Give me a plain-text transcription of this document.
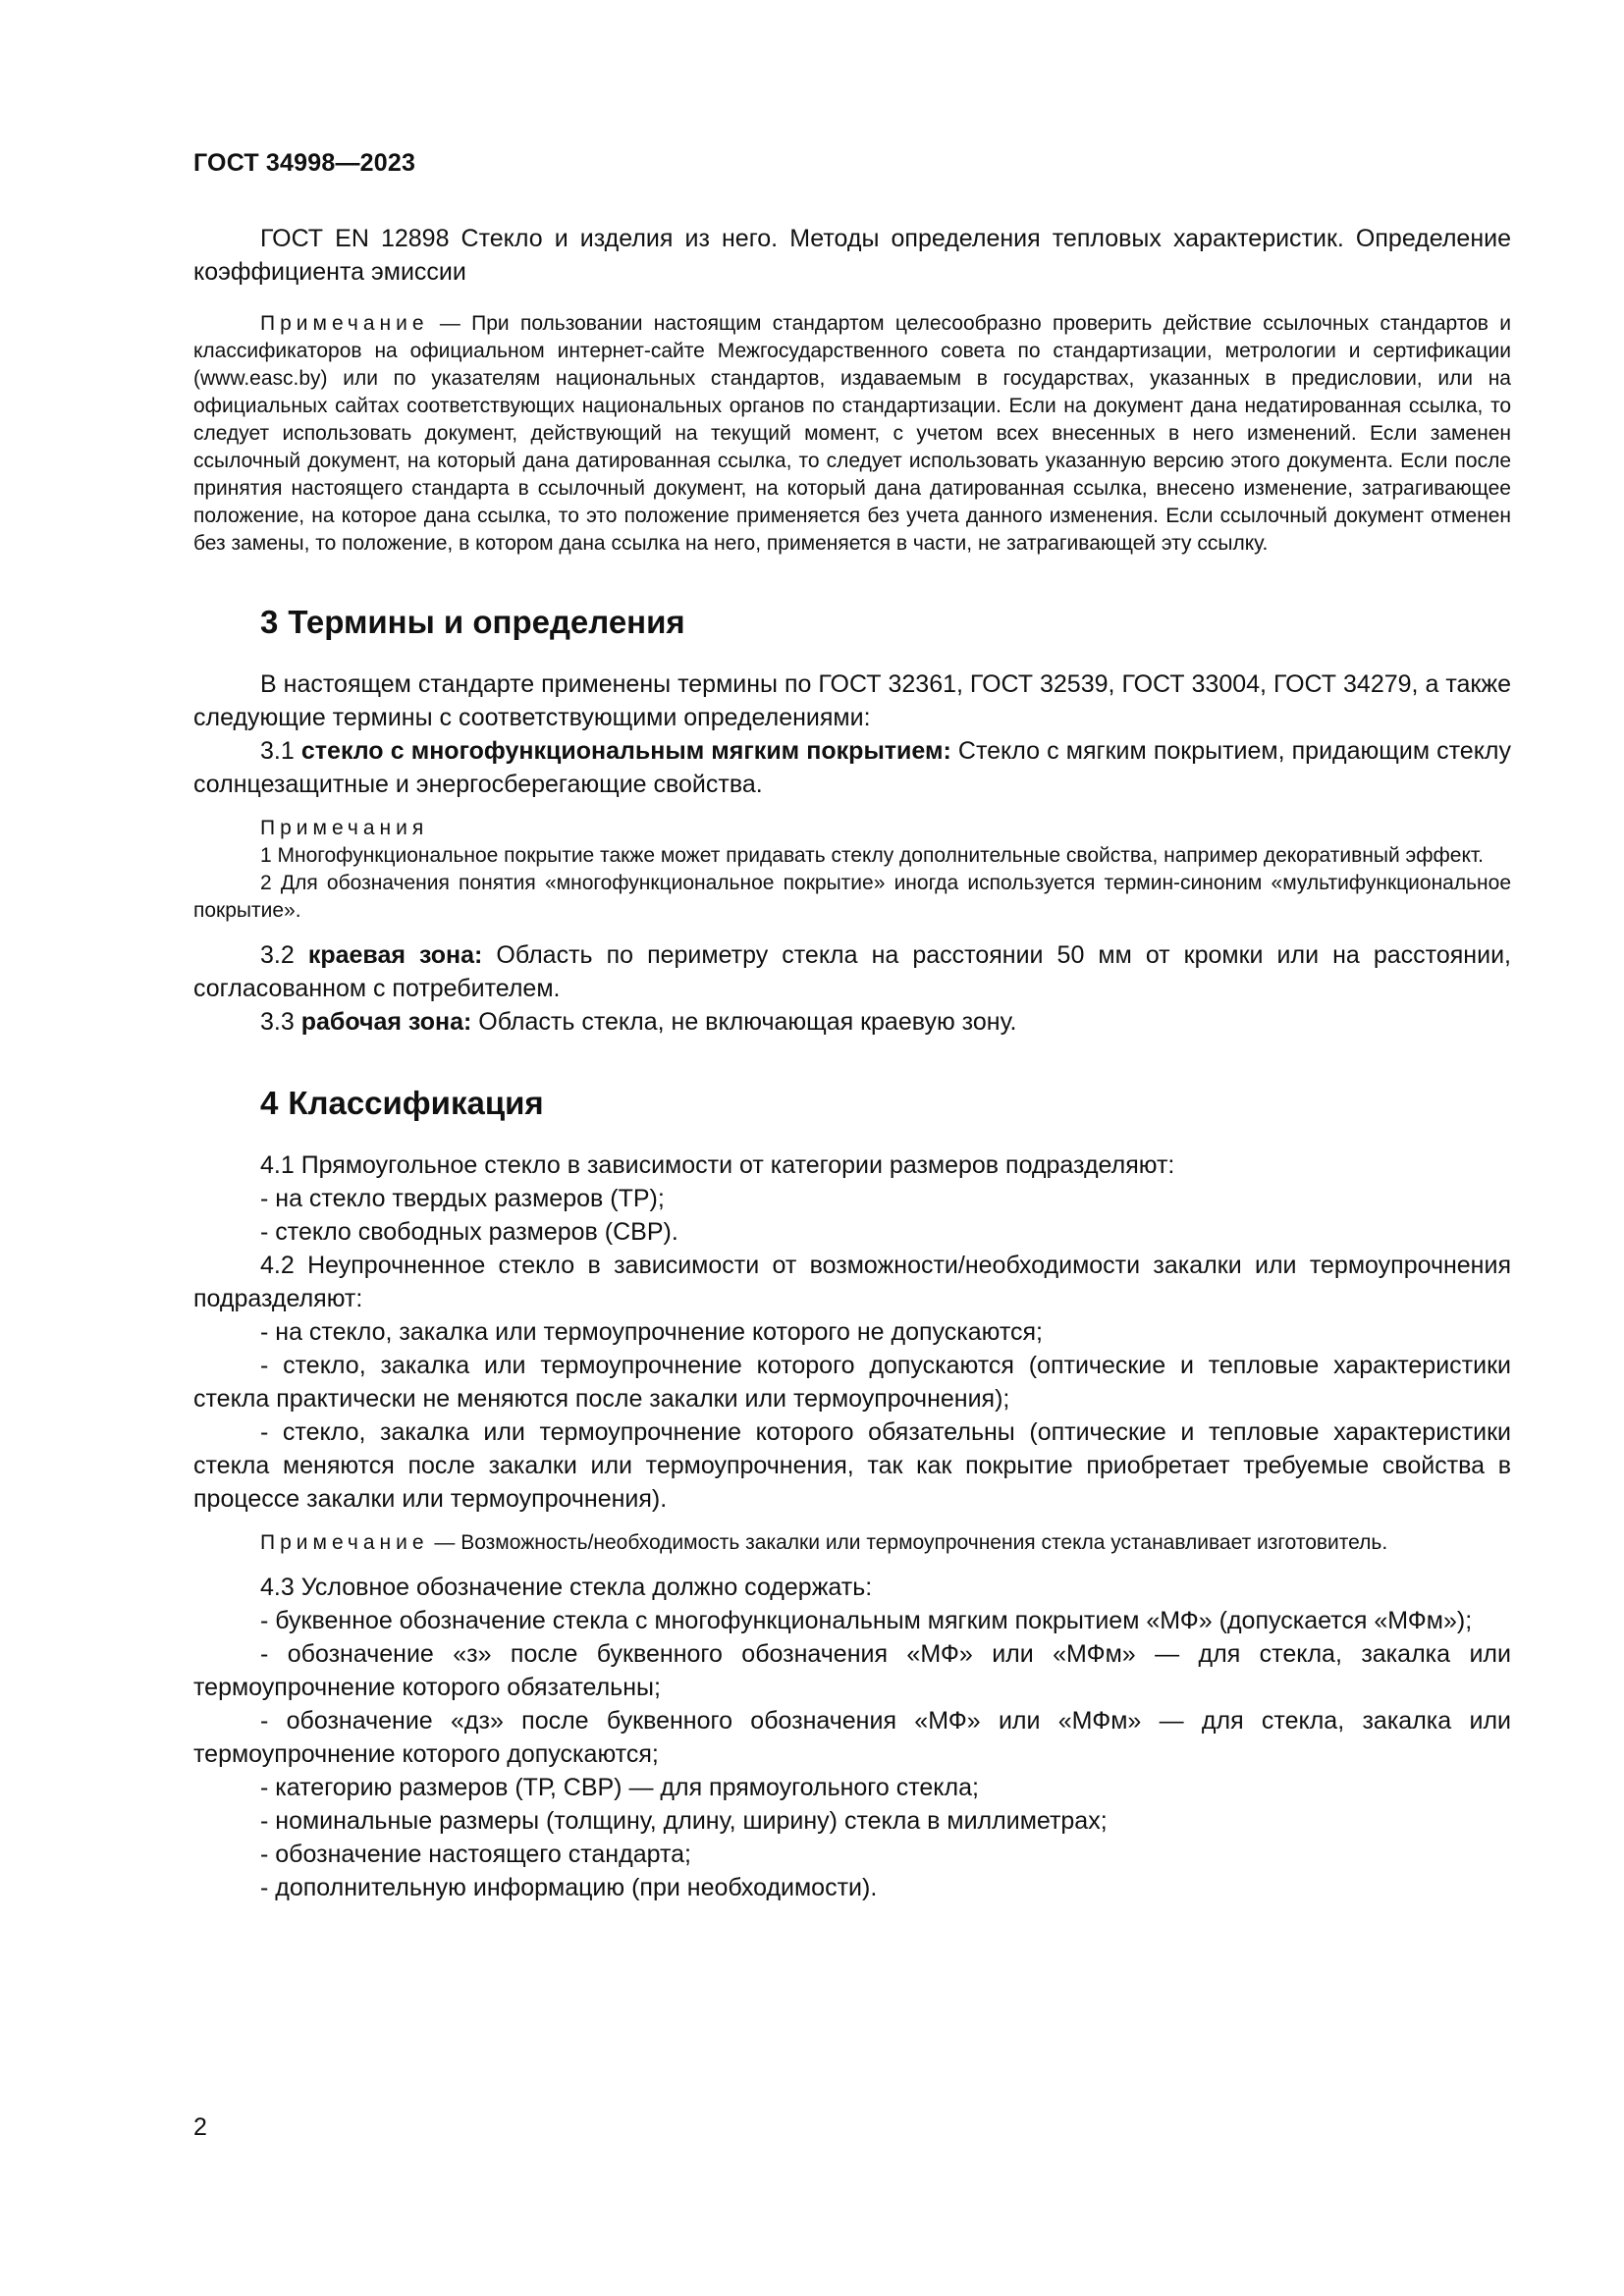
ГОСТ 34998—2023

ГОСТ EN 12898 Стекло и изделия из него. Методы определения тепловых характеристик. Определение коэффициента эмиссии

Примечание — При пользовании настоящим стандартом целесообразно проверить действие ссылочных стандартов и классификаторов на официальном интернет-сайте Межгосударственного совета по стандартизации, метрологии и сертификации (www.easc.by) или по указателям национальных стандартов, издаваемым в государствах, указанных в предисловии, или на официальных сайтах соответствующих национальных органов по стандартизации. Если на документ дана недатированная ссылка, то следует использовать документ, действующий на текущий момент, с учетом всех внесенных в него изменений. Если заменен ссылочный документ, на который дана датированная ссылка, то следует использовать указанную версию этого документа. Если после принятия настоящего стандарта в ссылочный документ, на который дана датированная ссылка, внесено изменение, затрагивающее положение, на которое дана ссылка, то это положение применяется без учета данного изменения. Если ссылочный документ отменен без замены, то положение, в котором дана ссылка на него, применяется в части, не затрагивающей эту ссылку.

3 Термины и определения

В настоящем стандарте применены термины по ГОСТ 32361, ГОСТ 32539, ГОСТ 33004, ГОСТ 34279, а также следующие термины с соответствующими определениями:

3.1 стекло с многофункциональным мягким покрытием: Стекло с мягким покрытием, придающим стеклу солнцезащитные и энергосберегающие свойства.

Примечания

1 Многофункциональное покрытие также может придавать стеклу дополнительные свойства, например декоративный эффект.

2 Для обозначения понятия «многофункциональное покрытие» иногда используется термин-синоним «мультифункциональное покрытие».

3.2 краевая зона: Область по периметру стекла на расстоянии 50 мм от кромки или на расстоянии, согласованном с потребителем.

3.3 рабочая зона: Область стекла, не включающая краевую зону.

4 Классификация

4.1 Прямоугольное стекло в зависимости от категории размеров подразделяют:

- на стекло твердых размеров (ТР);

- стекло свободных размеров (СВР).

4.2 Неупрочненное стекло в зависимости от возможности/необходимости закалки или термоупрочнения подразделяют:

- на стекло, закалка или термоупрочнение которого не допускаются;

- стекло, закалка или термоупрочнение которого допускаются (оптические и тепловые характеристики стекла практически не меняются после закалки или термоупрочнения);

- стекло, закалка или термоупрочнение которого обязательны (оптические и тепловые характеристики стекла меняются после закалки или термоупрочнения, так как покрытие приобретает требуемые свойства в процессе закалки или термоупрочнения).

Примечание — Возможность/необходимость закалки или термоупрочнения стекла устанавливает изготовитель.

4.3 Условное обозначение стекла должно содержать:

- буквенное обозначение стекла с многофункциональным мягким покрытием «МФ» (допускается «МФм»);

- обозначение «з» после буквенного обозначения «МФ» или «МФм» — для стекла, закалка или термоупрочнение которого обязательны;

- обозначение «дз» после буквенного обозначения «МФ» или «МФм» — для стекла, закалка или термоупрочнение которого допускаются;

- категорию размеров (ТР, СВР) — для прямоугольного стекла;

- номинальные размеры (толщину, длину, ширину) стекла в миллиметрах;

- обозначение настоящего стандарта;

- дополнительную информацию (при необходимости).

2
